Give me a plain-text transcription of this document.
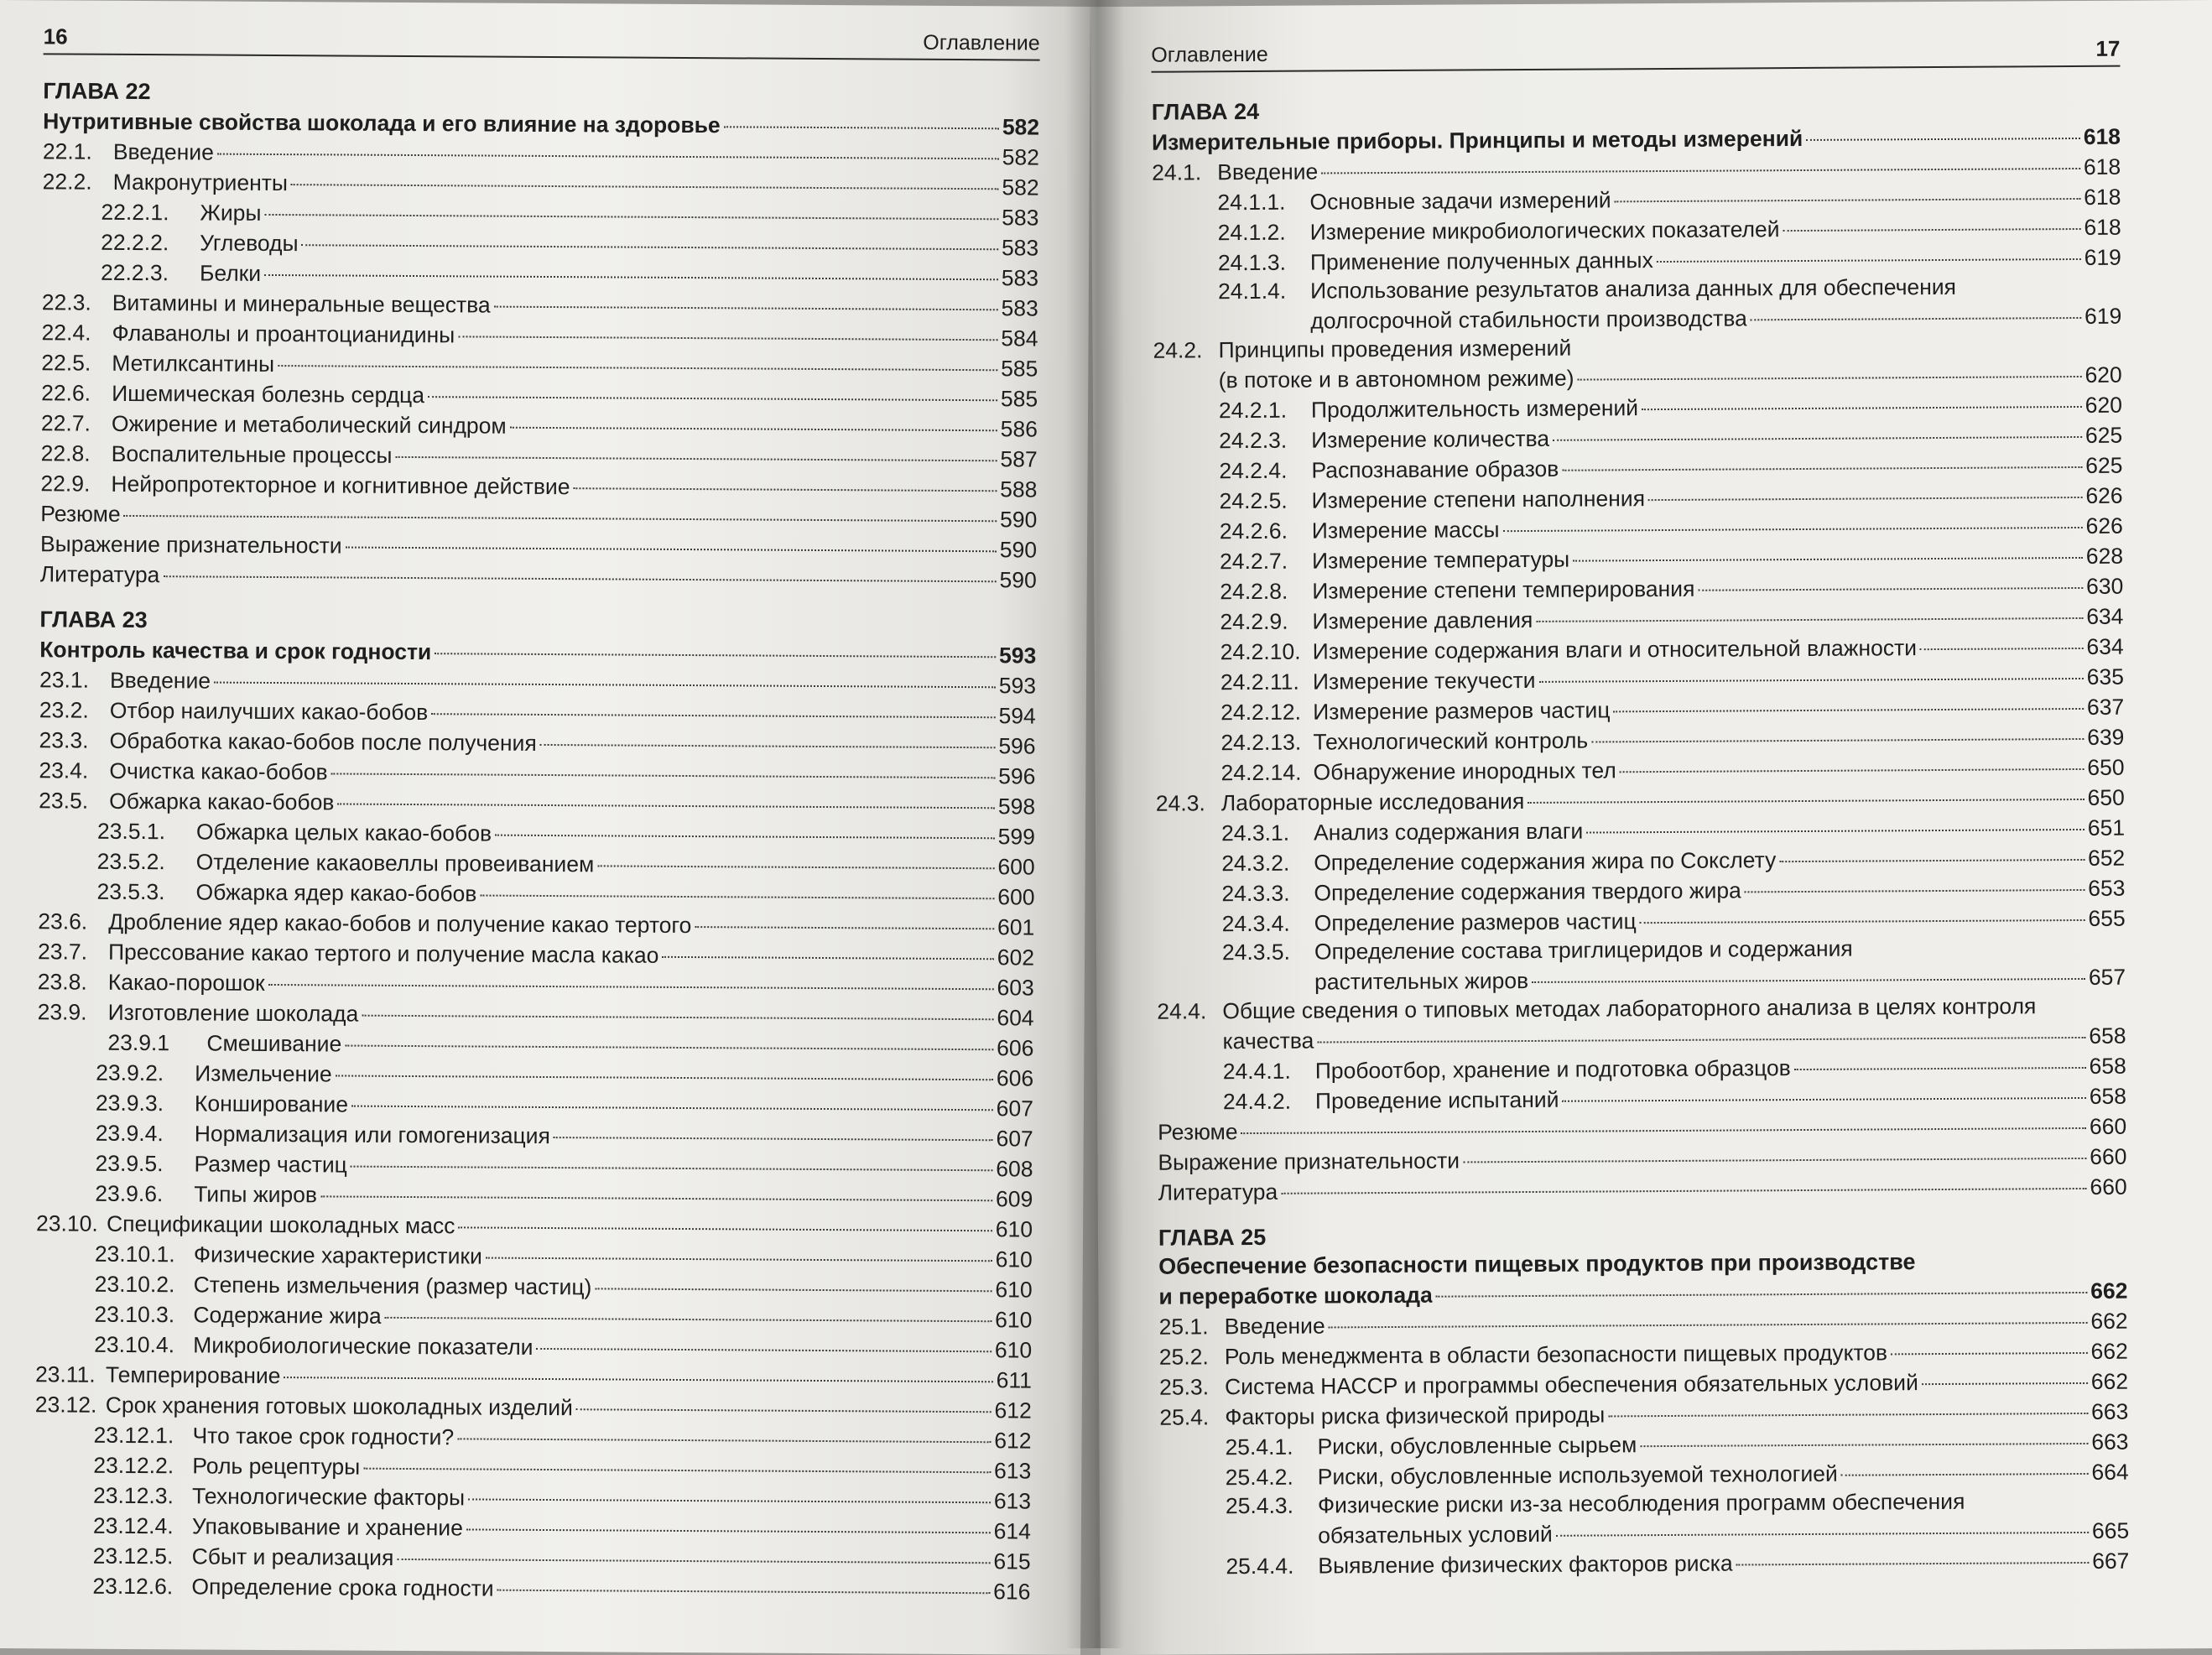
16	Оглавление
ГЛАВА 22
Нутритивные свойства шоколада и его влияние на здоровье	582
22.1. Введение	582
22.2. Макронутриенты	582
22.2.1.	Жиры	583
22.2.2.	Углеводы	583
22.2.3.	Белки	583
22.3. Витамины и минеральные вещества	583
22.4. Флаванолы и проантоцианидины	584
22.5. Метилксантины	585
22.6. Ишемическая болезнь сердца	585
22.7. Ожирение и метаболический синдром	586
22.8. Воспалительные процессы	587
22.9. Нейропротекторное и когнитивное действие	588
Резюме	590
Выражение признательности	590
Литература	590
ГЛАВА 23
Контроль качества и срок годности	593
23.1. Введение	593
23.2. Отбор наилучших какао-бобов	594
23.3. Обработка какао-бобов после получения	596
23.4. Очистка какао-бобов	596
23.5. Обжарка какао-бобов	598
23.5.1.	Обжарка целых какао-бобов	599
23.5.2.	Отделение какаовеллы провеиванием	600
23.5.3.	Обжарка ядер какао-бобов	600
23.6. Дробление ядер какао-бобов и получение какао тертого	601
23.7. Прессование какао тертого и получение масла какао	602
23.8. Какао-порошок	603
23.9. Изготовление шоколада	604
23.9.1	Смешивание	606
23.9.2.	Измельчение	606
23.9.3.	Конширование	607
23.9.4.	Нормализация или гомогенизация	607
23.9.5.	Размер частиц	608
23.9.6.	Типы жиров	609
23.10. Спецификации шоколадных масс	610
23.10.1. Физические характеристики	610
23.10.2. Степень измельчения (размер частиц)	610
23.10.3. Содержание жира	610
23.10.4. Микробиологические показатели	610
23.11. Темперирование	611
23.12. Срок хранения готовых шоколадных изделий	612
23.12.1. Что такое срок годности?	612
23.12.2. Роль рецептуры	613
23.12.3. Технологические факторы	613
23.12.4. Упаковывание и хранение	614
23.12.5. Сбыт и реализация	615
23.12.6. Определение срока годности	616
Оглавление	17
ГЛАВА 24
Измерительные приборы. Принципы и методы измерений	618
24.1. Введение	618
24.1.1.	Основные задачи измерений	618
24.1.2.	Измерение микробиологических показателей	618
24.1.3.	Применение полученных данных	619
24.1.4. Использование результатов анализа данных для обеспечения
долгосрочной стабильности производства	619
24.2. Принципы проведения измерений
(в потоке и в автономном режиме)	620
24.2.1.	Продолжительность измерений	620
24.2.3.	Измерение количества	625
24.2.4.	Распознавание образов	625
24.2.5.	Измерение степени наполнения	626
24.2.6.	Измерение массы	626
24.2.7.	Измерение температуры	628
24.2.8.	Измерение степени темперирования	630
24.2.9.	Измерение давления	634
24.2.10. Измерение содержания влаги и относительной влажности	634
24.2.11. Измерение текучести	635
24.2.12. Измерение размеров частиц	637
24.2.13. Технологический контроль	639
24.2.14. Обнаружение инородных тел	650
24.3. Лабораторные исследования	650
24.3.1.	Анализ содержания влаги	651
24.3.2.	Определение содержания жира по Сокслету	652
24.3.3.	Определение содержания твердого жира	653
24.3.4.	Определение размеров частиц	655
24.3.5. Определение состава триглицеридов и содержания
растительных жиров	657
24.4. Общие сведения о типовых методах лабораторного анализа в целях контроля
качества	658
24.4.1.	Пробоотбор, хранение и подготовка образцов	658
24.4.2.	Проведение испытаний	658
Резюме	660
Выражение признательности	660
Литература	660
ГЛАВА 25
Обеспечение безопасности пищевых продуктов при производстве
и переработке шоколада	662
25.1. Введение	662
25.2. Роль менеджмента в области безопасности пищевых продуктов	662
25.3. Система НАССР и программы обеспечения обязательных условий	662
25.4. Факторы риска физической природы	663
25.4.1.	Риски, обусловленные сырьем	663
25.4.2.	Риски, обусловленные используемой технологией	664
25.4.3. Физические риски из-за несоблюдения программ обеспечения
обязательных условий	665
25.4.4.	Выявление физических факторов риска	667
